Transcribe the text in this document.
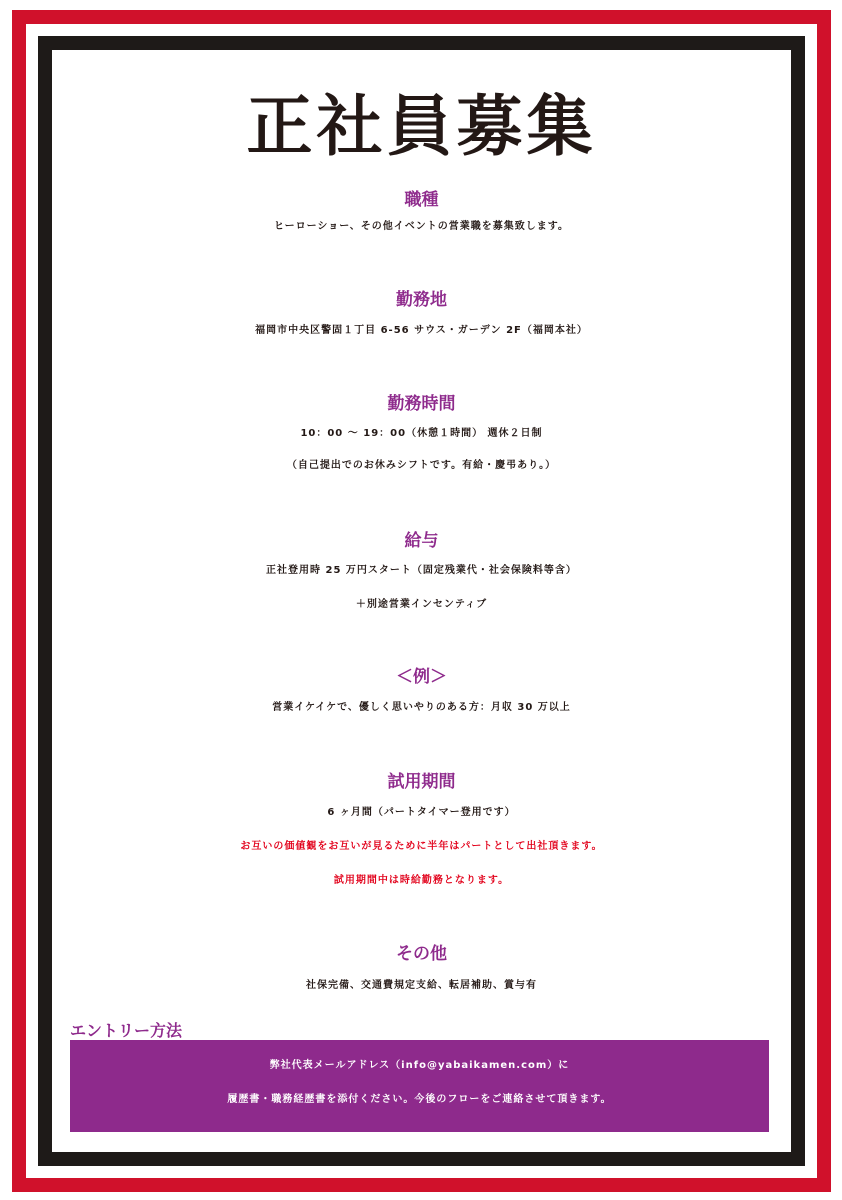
正社員募集
職種
ヒーローショー、その他イベントの営業職を募集致します。
勤務地
福岡市中央区警固１丁目 6-56 サウス・ガーデン 2F（福岡本社）
勤務時間
10：00 ～ 19：00（休憩１時間） 週休２日制
（自己提出でのお休みシフトです。有給・慶弔あり。）
給与
正社登用時 25 万円スタート（固定残業代・社会保険料等含）
＋別途営業インセンティブ
＜例＞
営業イケイケで、優しく思いやりのある方：月収 30 万以上
試用期間
6 ヶ月間（パートタイマー登用です）
お互いの価値観をお互いが見るために半年はパートとして出社頂きます。
試用期間中は時給勤務となります。
その他
社保完備、交通費規定支給、転居補助、賞与有
エントリー方法
弊社代表メールアドレス（info@yabaikamen.com）に
履歴書・職務経歴書を添付ください。今後のフローをご連絡させて頂きます。
